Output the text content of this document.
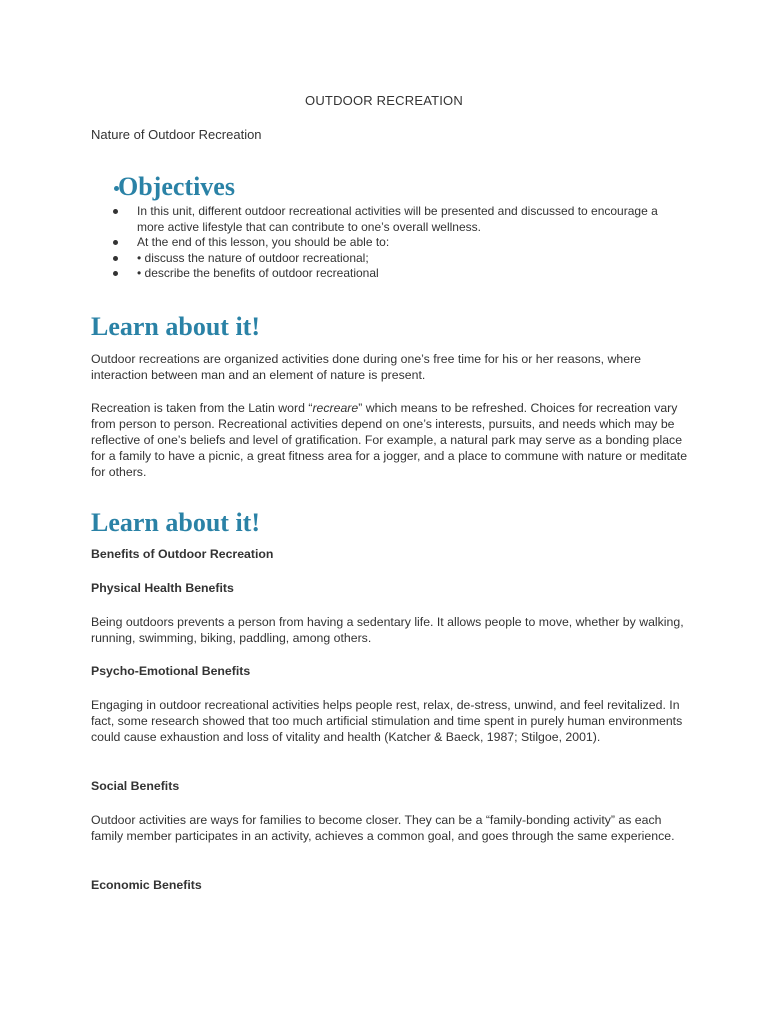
OUTDOOR RECREATION
Nature of Outdoor Recreation
Objectives
In this unit, different outdoor recreational activities will be presented and discussed to encourage a more active lifestyle that can contribute to one’s overall wellness.
At the end of this lesson, you should be able to:
• discuss the nature of outdoor recreational;
• describe the benefits of outdoor recreational
Learn about it!

Outdoor recreations are organized activities done during one’s free time for his or her reasons, where interaction between man and an element of nature is present.

Recreation is taken from the Latin word “recreare” which means to be refreshed. Choices for recreation vary from person to person. Recreational activities depend on one’s interests, pursuits, and needs which may be reflective of one’s beliefs and level of gratification. For example, a natural park may serve as a bonding place for a family to have a picnic, a great fitness area for a jogger, and a place to commune with nature or meditate for others.

Learn about it!
Benefits of Outdoor Recreation
Physical Health Benefits

Being outdoors prevents a person from having a sedentary life. It allows people to move, whether by walking, running, swimming, biking, paddling, among others.

Psycho-Emotional Benefits

Engaging in outdoor recreational activities helps people rest, relax, de-stress, unwind, and feel revitalized. In fact, some research showed that too much artificial stimulation and time spent in purely human environments could cause exhaustion and loss of vitality and health (Katcher & Baeck, 1987; Stilgoe, 2001).

Social Benefits

Outdoor activities are ways for families to become closer. They can be a “family-bonding activity” as each family member participates in an activity, achieves a common goal, and goes through the same experience.

Economic Benefits
